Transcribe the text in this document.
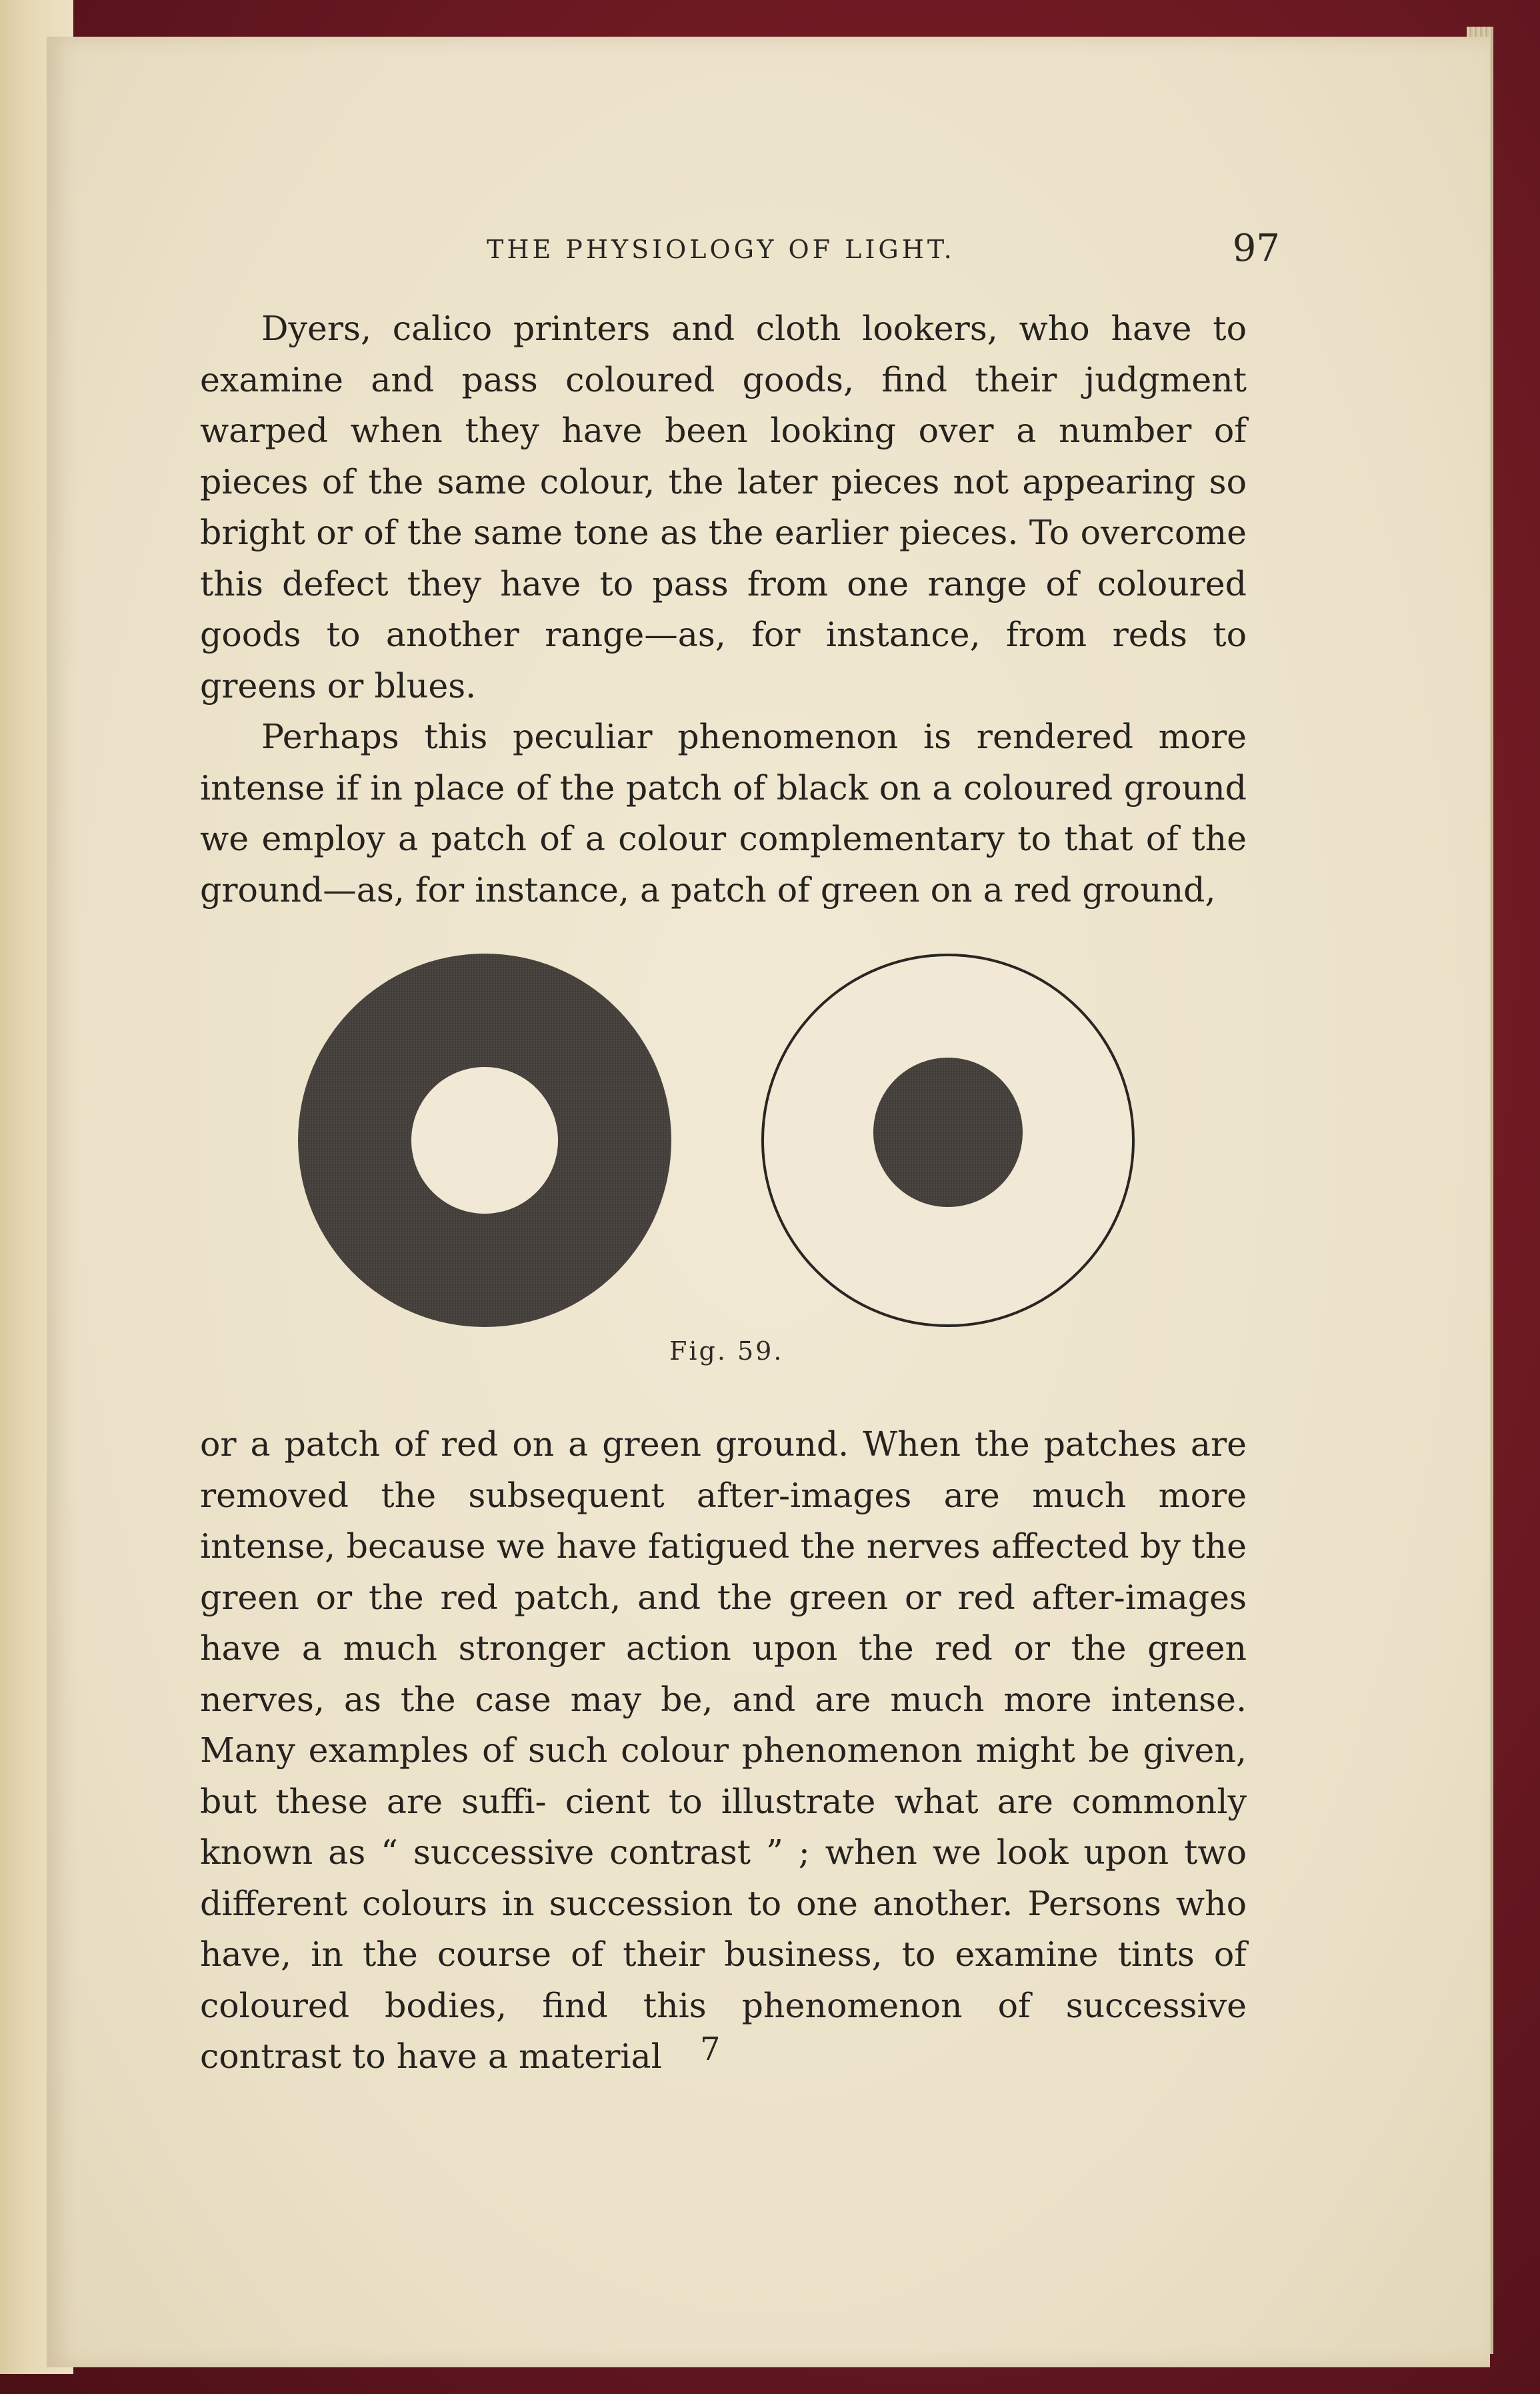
THE PHYSIOLOGY OF LIGHT.	97

Dyers, calico printers and cloth lookers, who have to examine and pass coloured goods, find their judgment warped when they have been looking over a number of pieces of the same colour, the later pieces not appearing so bright or of the same tone as the earlier pieces. To overcome this defect they have to pass from one range of coloured goods to another range—as, for instance, from reds to greens or blues.

Perhaps this peculiar phenomenon is rendered more intense if in place of the patch of black on a coloured ground we employ a patch of a colour complementary to that of the ground—as, for instance, a patch of green on a red ground,

Fig. 59.

or a patch of red on a green ground. When the patches are removed the subsequent after-images are much more intense, because we have fatigued the nerves affected by the green or the red patch, and the green or red after-images have a much stronger action upon the red or the green nerves, as the case may be, and are much more intense. Many examples of such colour phenomenon might be given, but these are suffi- cient to illustrate what are commonly known as “ successive contrast ” ; when we look upon two different colours in succession to one another. Persons who have, in the course of their business, to examine tints of coloured bodies, find this phenomenon of successive contrast to have a material	7
